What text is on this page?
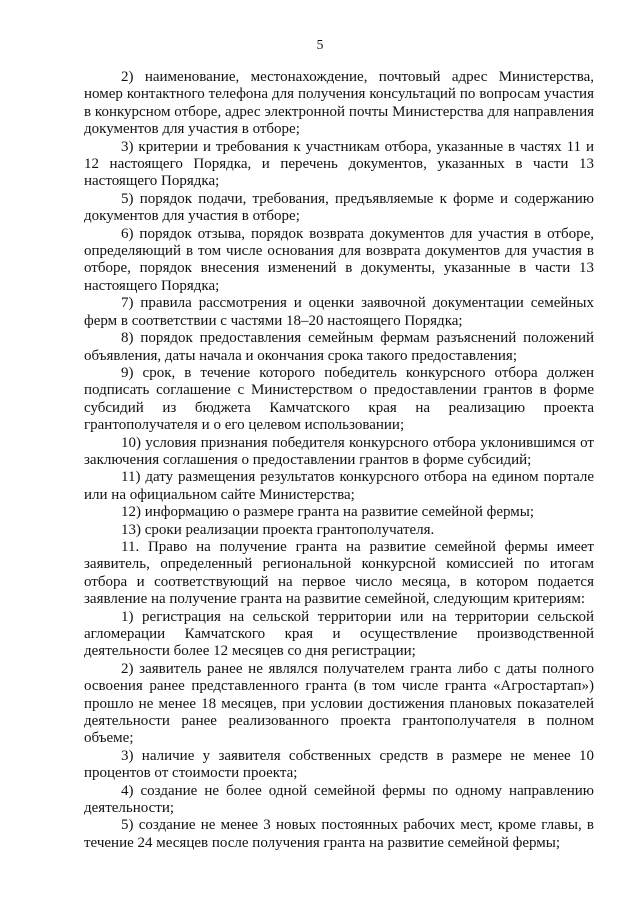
5

2) наименование, местонахождение, почтовый адрес Министерства, номер контактного телефона для получения консультаций по вопросам участия в конкурсном отборе, адрес электронной почты Министерства для направления документов для участия в отборе;

3) критерии и требования к участникам отбора, указанные в частях 11 и 12 настоящего Порядка, и перечень документов, указанных в части 13 настоящего Порядка;

5) порядок подачи, требования, предъявляемые к форме и содержанию документов для участия в отборе;

6) порядок отзыва, порядок возврата документов для участия в отборе, определяющий в том числе основания для возврата документов для участия в отборе, порядок внесения изменений в документы, указанные в части 13 настоящего Порядка;

7) правила рассмотрения и оценки заявочной документации семейных ферм в соответствии с частями 18–20 настоящего Порядка;

8) порядок предоставления семейным фермам разъяснений положений объявления, даты начала и окончания срока такого предоставления;

9) срок, в течение которого победитель конкурсного отбора должен подписать соглашение с Министерством о предоставлении грантов в форме субсидий из бюджета Камчатского края на реализацию проекта грантополучателя и о его целевом использовании;

10) условия признания победителя конкурсного отбора уклонившимся от заключения соглашения о предоставлении грантов в форме субсидий;

11) дату размещения результатов конкурсного отбора на едином портале или на официальном сайте Министерства;

12) информацию о размере гранта на развитие семейной фермы;

13) сроки реализации проекта грантополучателя.

11. Право на получение гранта на развитие семейной фермы имеет заявитель, определенный региональной конкурсной комиссией по итогам отбора и соответствующий на первое число месяца, в котором подается заявление на получение гранта на развитие семейной, следующим критериям:

1) регистрация на сельской территории или на территории сельской агломерации Камчатского края и осуществление производственной деятельности более 12 месяцев со дня регистрации;

2) заявитель ранее не являлся получателем гранта либо с даты полного освоения ранее представленного гранта (в том числе гранта «Агростартап») прошло не менее 18 месяцев, при условии достижения плановых показателей деятельности ранее реализованного проекта грантополучателя в полном объеме;

3) наличие у заявителя собственных средств в размере не менее 10 процентов от стоимости проекта;

4) создание не более одной семейной фермы по одному направлению деятельности;

5) создание не менее 3 новых постоянных рабочих мест, кроме главы, в течение 24 месяцев после получения гранта на развитие семейной фермы;
